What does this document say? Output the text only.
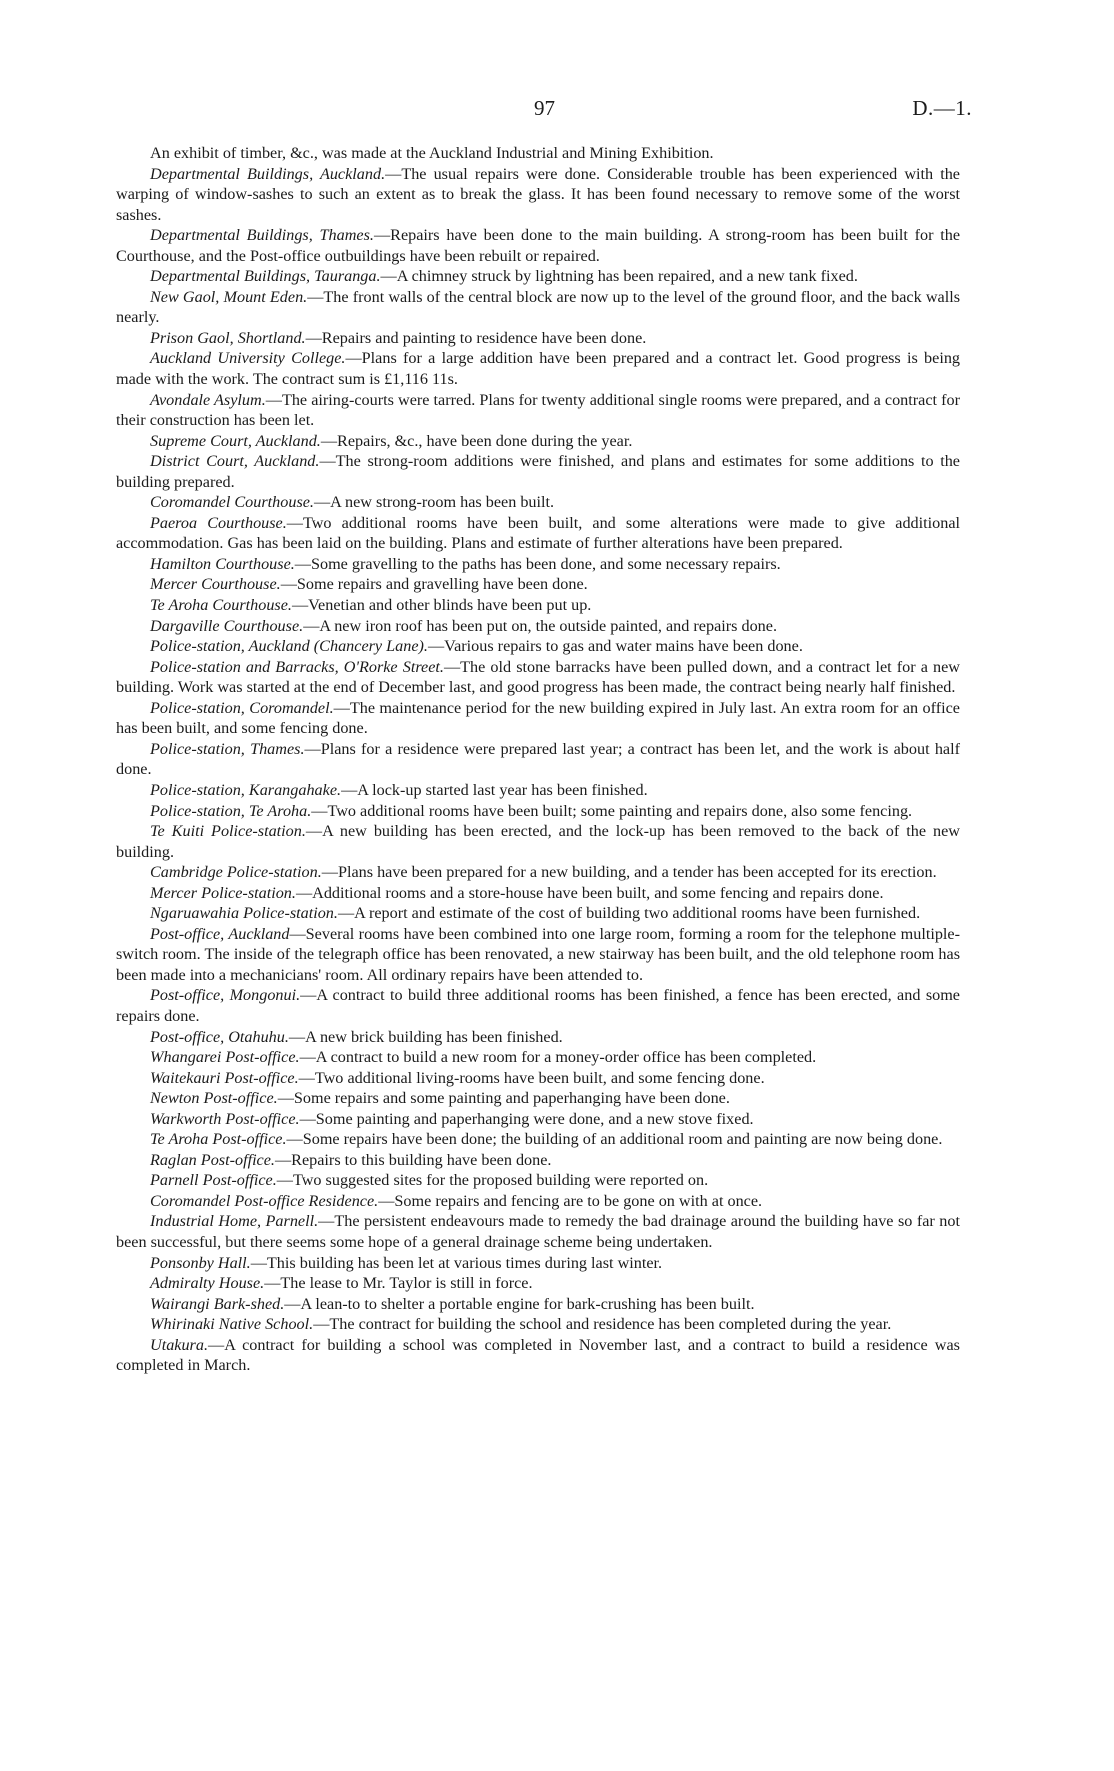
97	D.—1.

An exhibit of timber, &c., was made at the Auckland Industrial and Mining Exhibition.

Departmental Buildings, Auckland.—The usual repairs were done. Considerable trouble has been experienced with the warping of window-sashes to such an extent as to break the glass. It has been found necessary to remove some of the worst sashes.

Departmental Buildings, Thames.—Repairs have been done to the main building. A strong-room has been built for the Courthouse, and the Post-office outbuildings have been rebuilt or repaired.

Departmental Buildings, Tauranga.—A chimney struck by lightning has been repaired, and a new tank fixed.

New Gaol, Mount Eden.—The front walls of the central block are now up to the level of the ground floor, and the back walls nearly.

Prison Gaol, Shortland.—Repairs and painting to residence have been done.

Auckland University College.—Plans for a large addition have been prepared and a contract let. Good progress is being made with the work. The contract sum is £1,116 11s.

Avondale Asylum.—The airing-courts were tarred. Plans for twenty additional single rooms were prepared, and a contract for their construction has been let.

Supreme Court, Auckland.—Repairs, &c., have been done during the year.

District Court, Auckland.—The strong-room additions were finished, and plans and estimates for some additions to the building prepared.

Coromandel Courthouse.—A new strong-room has been built.

Paeroa Courthouse.—Two additional rooms have been built, and some alterations were made to give additional accommodation. Gas has been laid on the building. Plans and estimate of further alterations have been prepared.

Hamilton Courthouse.—Some gravelling to the paths has been done, and some necessary repairs.

Mercer Courthouse.—Some repairs and gravelling have been done.

Te Aroha Courthouse.—Venetian and other blinds have been put up.

Dargaville Courthouse.—A new iron roof has been put on, the outside painted, and repairs done.

Police-station, Auckland (Chancery Lane).—Various repairs to gas and water mains have been done.

Police-station and Barracks, O'Rorke Street.—The old stone barracks have been pulled down, and a contract let for a new building. Work was started at the end of December last, and good progress has been made, the contract being nearly half finished.

Police-station, Coromandel.—The maintenance period for the new building expired in July last. An extra room for an office has been built, and some fencing done.

Police-station, Thames.—Plans for a residence were prepared last year; a contract has been let, and the work is about half done.

Police-station, Karangahake.—A lock-up started last year has been finished.

Police-station, Te Aroha.—Two additional rooms have been built; some painting and repairs done, also some fencing.

Te Kuiti Police-station.—A new building has been erected, and the lock-up has been removed to the back of the new building.

Cambridge Police-station.—Plans have been prepared for a new building, and a tender has been accepted for its erection.

Mercer Police-station.—Additional rooms and a store-house have been built, and some fencing and repairs done.

Ngaruawahia Police-station.—A report and estimate of the cost of building two additional rooms have been furnished.

Post-office, Auckland—Several rooms have been combined into one large room, forming a room for the telephone multiple-switch room. The inside of the telegraph office has been renovated, a new stairway has been built, and the old telephone room has been made into a mechanicians' room. All ordinary repairs have been attended to.

Post-office, Mongonui.—A contract to build three additional rooms has been finished, a fence has been erected, and some repairs done.

Post-office, Otahuhu.—A new brick building has been finished.

Whangarei Post-office.—A contract to build a new room for a money-order office has been completed.

Waitekauri Post-office.—Two additional living-rooms have been built, and some fencing done.

Newton Post-office.—Some repairs and some painting and paperhanging have been done.

Warkworth Post-office.—Some painting and paperhanging were done, and a new stove fixed.

Te Aroha Post-office.—Some repairs have been done; the building of an additional room and painting are now being done.

Raglan Post-office.—Repairs to this building have been done.

Parnell Post-office.—Two suggested sites for the proposed building were reported on.

Coromandel Post-office Residence.—Some repairs and fencing are to be gone on with at once.

Industrial Home, Parnell.—The persistent endeavours made to remedy the bad drainage around the building have so far not been successful, but there seems some hope of a general drainage scheme being undertaken.

Ponsonby Hall.—This building has been let at various times during last winter.

Admiralty House.—The lease to Mr. Taylor is still in force.

Wairangi Bark-shed.—A lean-to to shelter a portable engine for bark-crushing has been built.

Whirinaki Native School.—The contract for building the school and residence has been completed during the year.

Utakura.—A contract for building a school was completed in November last, and a contract to build a residence was completed in March.
